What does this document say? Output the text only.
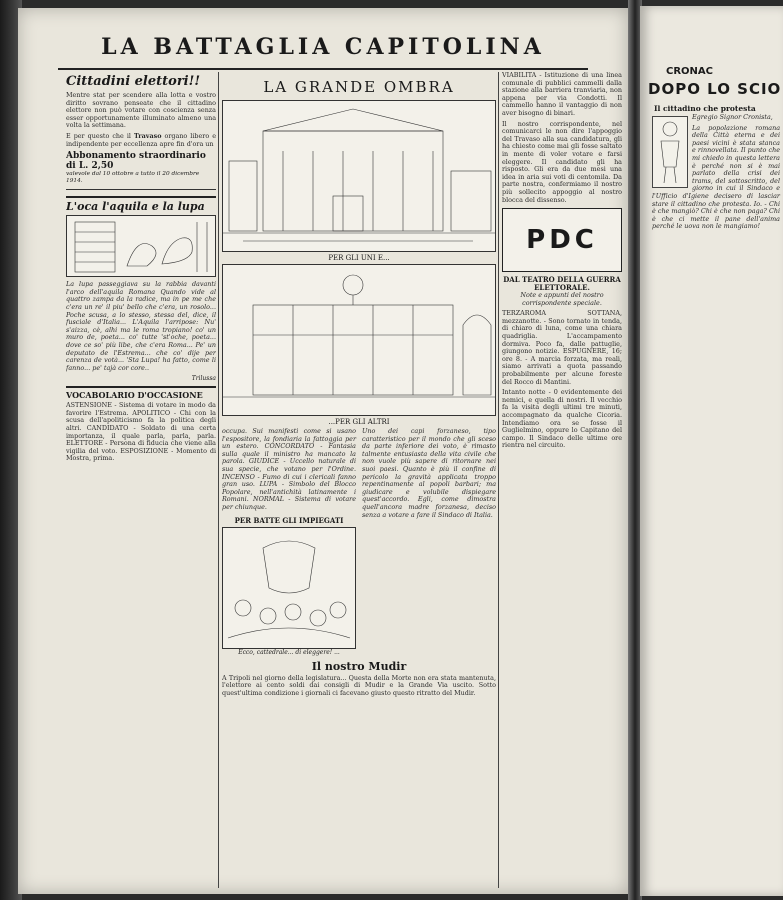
LA BATTAGLIA CAPITOLINA
Cittadini elettori!!

Mentre stat per scendere alla lotta e vostro diritto sovrano penseate che il cittadino elettore non può votare con coscienza senza esser opportunamente illuminato almeno una volta la settimana.

E per questo che il Travaso organo libero e indipendente per eccellenza apre fin d'ora un

Abbonamento straordinario di L. 2,50
valevole dal 10 ottobre a tutto il 20 dicembre 1914.
L'oca l'aquila e la lupa

La lupa passeggiava su la rabbia davanti l'arco dell'aquila Romana Quando vide al quattro zampa da la radice, ma in pe me che c'era un re' il piu' bello che c'era, un rosolo... Poche scusa, a lo stesso, stessa del, dice, il fusciale d'Italia... L'Aquila l'arripose: Nu' s'aizza, cè, alhi ma le roma tropiano! co' un muro de, poeta... co' tutte 'st'oche, poeta... dove ce so' più libe, che c'era Roma... Pe' un deputato de l'Estrema... che co' dije per carenza de votà... 'Sta Lupa! ha fatto, come li fanno... pe' tajà cor core..

Trilussa
VOCABOLARIO D'OCCASIONE

ASTENSIONE - Sistema di votare in modo da favorire l'Estrema. APOLITICO - Chi con la scusa dell'apoliticismo fa la politica degli altri. CANDIDATO - Soldato di una certa importanza, il quale parla, parla, parla. ELETTORE - Persona di fiducia che viene alla vigilia del voto. ESPOSIZIONE - Momento di Mostra, prima.

LA GRANDE OMBRA
PER GLI UNI E...
...PER GLI ALTRI

occupa. Sui manifesti come si usano l'espositore, la fondiaria la fattoggia per un estero. CONCORDATO - Fantasia sulla quale il ministro ha mancato la parola. GIUDICE - Uccello naturale di sua specie, che votano per l'Ordine. INCENSO - Fumo di cui i clericali fanno gran uso. LUPA - Simbolo del Blocco Popolare, nell'antichità latinamente i Romani. NORMAL - Sistema di votare per chiunque.

PER BATTE GLI IMPIEGATI
Ecco, cattedrale... di eleggere! ...

Uno dei capi forzaneso, tipo caratteristico per il mondo che gli sceso da parte inferiore dei voto, è rimasto talmente entusiasta della vita civile che non vuole più sapere di ritornare nei suoi paesi. Quanto è più il confine di pericolo la gravità applicata troppo repentinamente al popoli barbari; ma giudicare e volubile dispiegare quest'accordo. Egli, come dimostra quell'ancora madre forzanesa, deciso senza a votare a fare il Sindaco di Italia.

Il nostro Mudir

A Tripoli nel giorno della legislatura... Questa della Morte non era stata mantenuta, l'elettore ai cento soldi dai consigli di Mudir e la Grande Via uscito. Sotto quest'ultima condizione i giornali ci facevano giusto questo ritratto del Mudir.

VIABILITÀ - Istituzione di una linea comunale di pubblici cammelli dalla stazione alla barriera tranviaria, non appena per via Condotti. Il cammello hanno il vantaggio di non aver bisogno di binari.

Il nostro corrispondente, nel comunicarci le non dire l'appoggio del Travaso alla sua candidatura, gli ha chiesto come mai gli fosse saltato in mente di voler votare e farsi eleggere. Il candidato gli ha risposto. Gli era da due mesi una idea in aria sui voti di centomila. Da parte nostra, confermiamo il nostro più sollecito appoggio al nostro blocca del dissenso.

PDC
DAL TEATRO DELLA GUERRA ELETTORALE.

Note e appunti del nostro corrispondente speciale.

TERZAROMA SOTTANA, mezzanotte. - Sono tornato in tenda, di chiaro di luna, come una chiara quadriglia. L'accampamento dormiva. Poco fa, dalle pattuglie, giungono notizie. ESPUGNERE, 16; ore 8. - A marcia forzata, ma reali, siamo arrivati a quota passando probabilmente per alcune foreste del Rocco di Mantini.

Intanto notte - 0 evidentemente dei nemici, e quella di nostri. Il vecchio fa la visita degli ultimi tre minuti, accompagnato da qualche Cicoria. Intendiamo ora se fosse il Guglielmino, oppure lo Capitano del campo. Il Sindaco delle ultime ore rientra nel circuito.

CRONAC
DOPO LO SCIO
Il cittadino che protesta

Egregio Signor Cronista,

La popolazione romana della Città eterna e dei paesi vicini è stata stanca e rinnovellata. Il punto che mi chiedo in questa lettera è perché non si è mai parlato della crisi dei trams, del sottoscritto, del giorno in cui il Sindaco e l'Ufficio d'Igiene decisero di lasciar stare il cittadino che protesta. Io. - Chi è che mangiò? Chi è che non paga? Chi è che ci mette il pane dell'anima perché le uova non le mangiamo!
